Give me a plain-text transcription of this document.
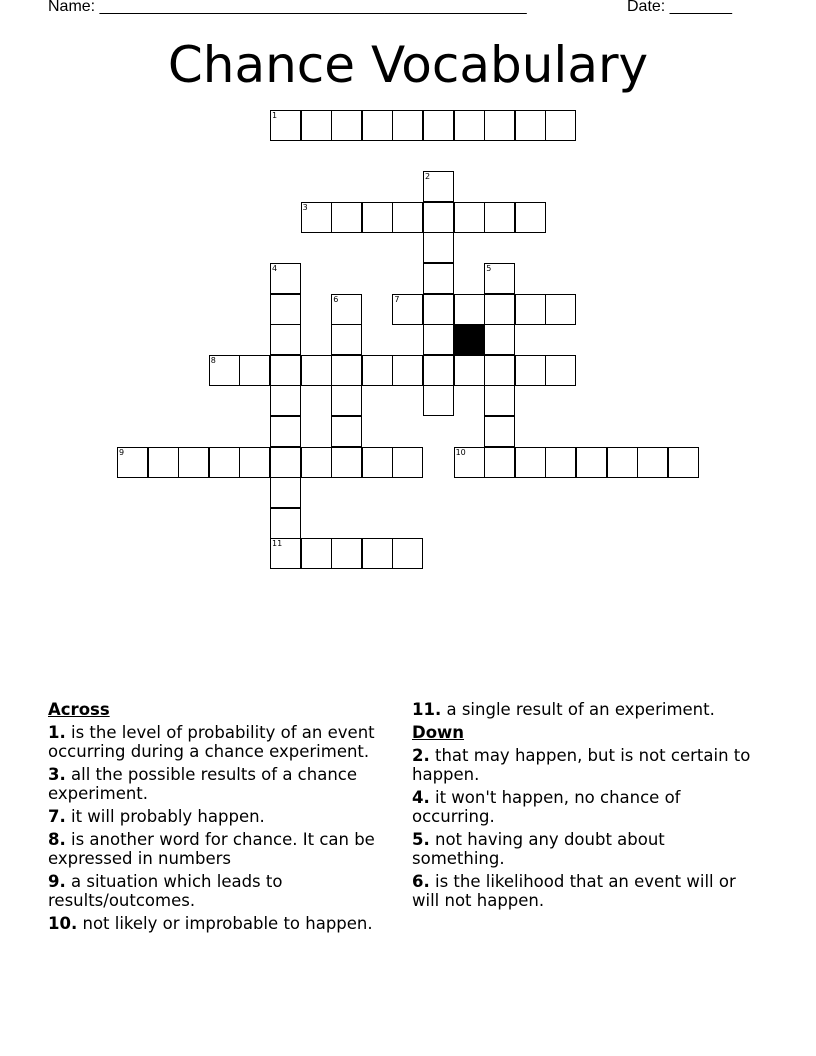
Name: ________________________________________________	Date: _______
Chance Vocabulary
1
2
3
4
11
5
6	7
8
9	10
Across
1. is the level of probability of an event occurring during a chance experiment.
3. all the possible results of a chance experiment.
7. it will probably happen.
8. is another word for chance. It can be expressed in numbers
9. a situation which leads to results/outcomes.
10. not likely or improbable to happen.
11. a single result of an experiment.
Down
2. that may happen, but is not certain to happen.
4. it won't happen, no chance of occurring.
5. not having any doubt about something.
6. is the likelihood that an event will or will not happen.
